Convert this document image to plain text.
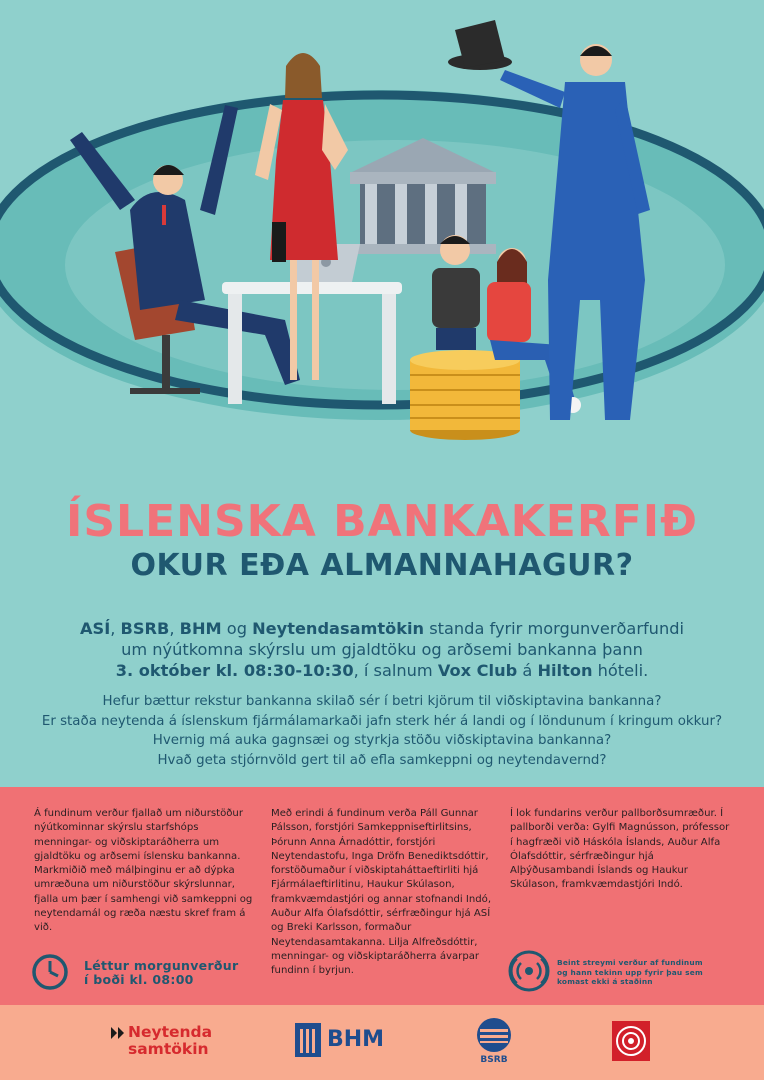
ÍSLENSKA BANKAKERFIÐ
OKUR EÐA ALMANNAHAGUR?
ASÍ, BSRB, BHM og Neytendasamtökin standa fyrir morgunverðarfundi
um nýútkomna skýrslu um gjaldtöku og arðsemi bankanna þann
3. október kl. 08:30-10:30, í salnum Vox Club á Hilton hóteli.
Hefur bættur rekstur bankanna skilað sér í betri kjörum til viðskiptavina bankanna?
Er staða neytenda á íslenskum fjármálamarkaði jafn sterk hér á landi og í löndunum í kringum okkur?
Hvernig má auka gagnsæi og styrkja stöðu viðskiptavina bankanna?
Hvað geta stjórnvöld gert til að efla samkeppni og neytendavernd?
Á fundinum verður fjallað um niðurstöður nýútkominnar skýrslu starfshóps menningar- og viðskiptaráðherra um gjaldtöku og arðsemi íslensku bankanna. Markmiðið með málþinginu er að dýpka umræðuna um niðurstöður skýrslunnar, fjalla um þær í samhengi við samkeppni og neytendamál og ræða næstu skref fram á við.
Með erindi á fundinum verða Páll Gunnar Pálsson, forstjóri Samkeppniseftirlitsins, Þórunn Anna Árnadóttir, forstjóri Neytendastofu, Inga Dröfn Benediktsdóttir, forstöðumaður í viðskiptaháttaeftirliti hjá Fjármálaeftirlitinu, Haukur Skúlason, framkvæmdastjóri og annar stofnandi Indó, Auður Alfa Ólafsdóttir, sérfræðingur hjá ASÍ og Breki Karlsson, formaður Neytendasamtakanna. Lilja Alfreðsdóttir, menningar- og viðskiptaráðherra ávarpar fundinn í byrjun.
Í lok fundarins verður pallborðsumræður. Í pallborði verða: Gylfi Magnússon, prófessor í hagfræði við Háskóla Íslands, Auður Alfa Ólafsdóttir, sérfræðingur hjá Alþýðusambandi Íslands og Haukur Skúlason, framkvæmdastjóri Indó.
Léttur morgunverður
í boði kl. 08:00
Beint streymi verður af fundinum
og hann tekinn upp fyrir þau sem
komast ekki á staðinn
Neytenda
samtökin	BHM
BSRB
